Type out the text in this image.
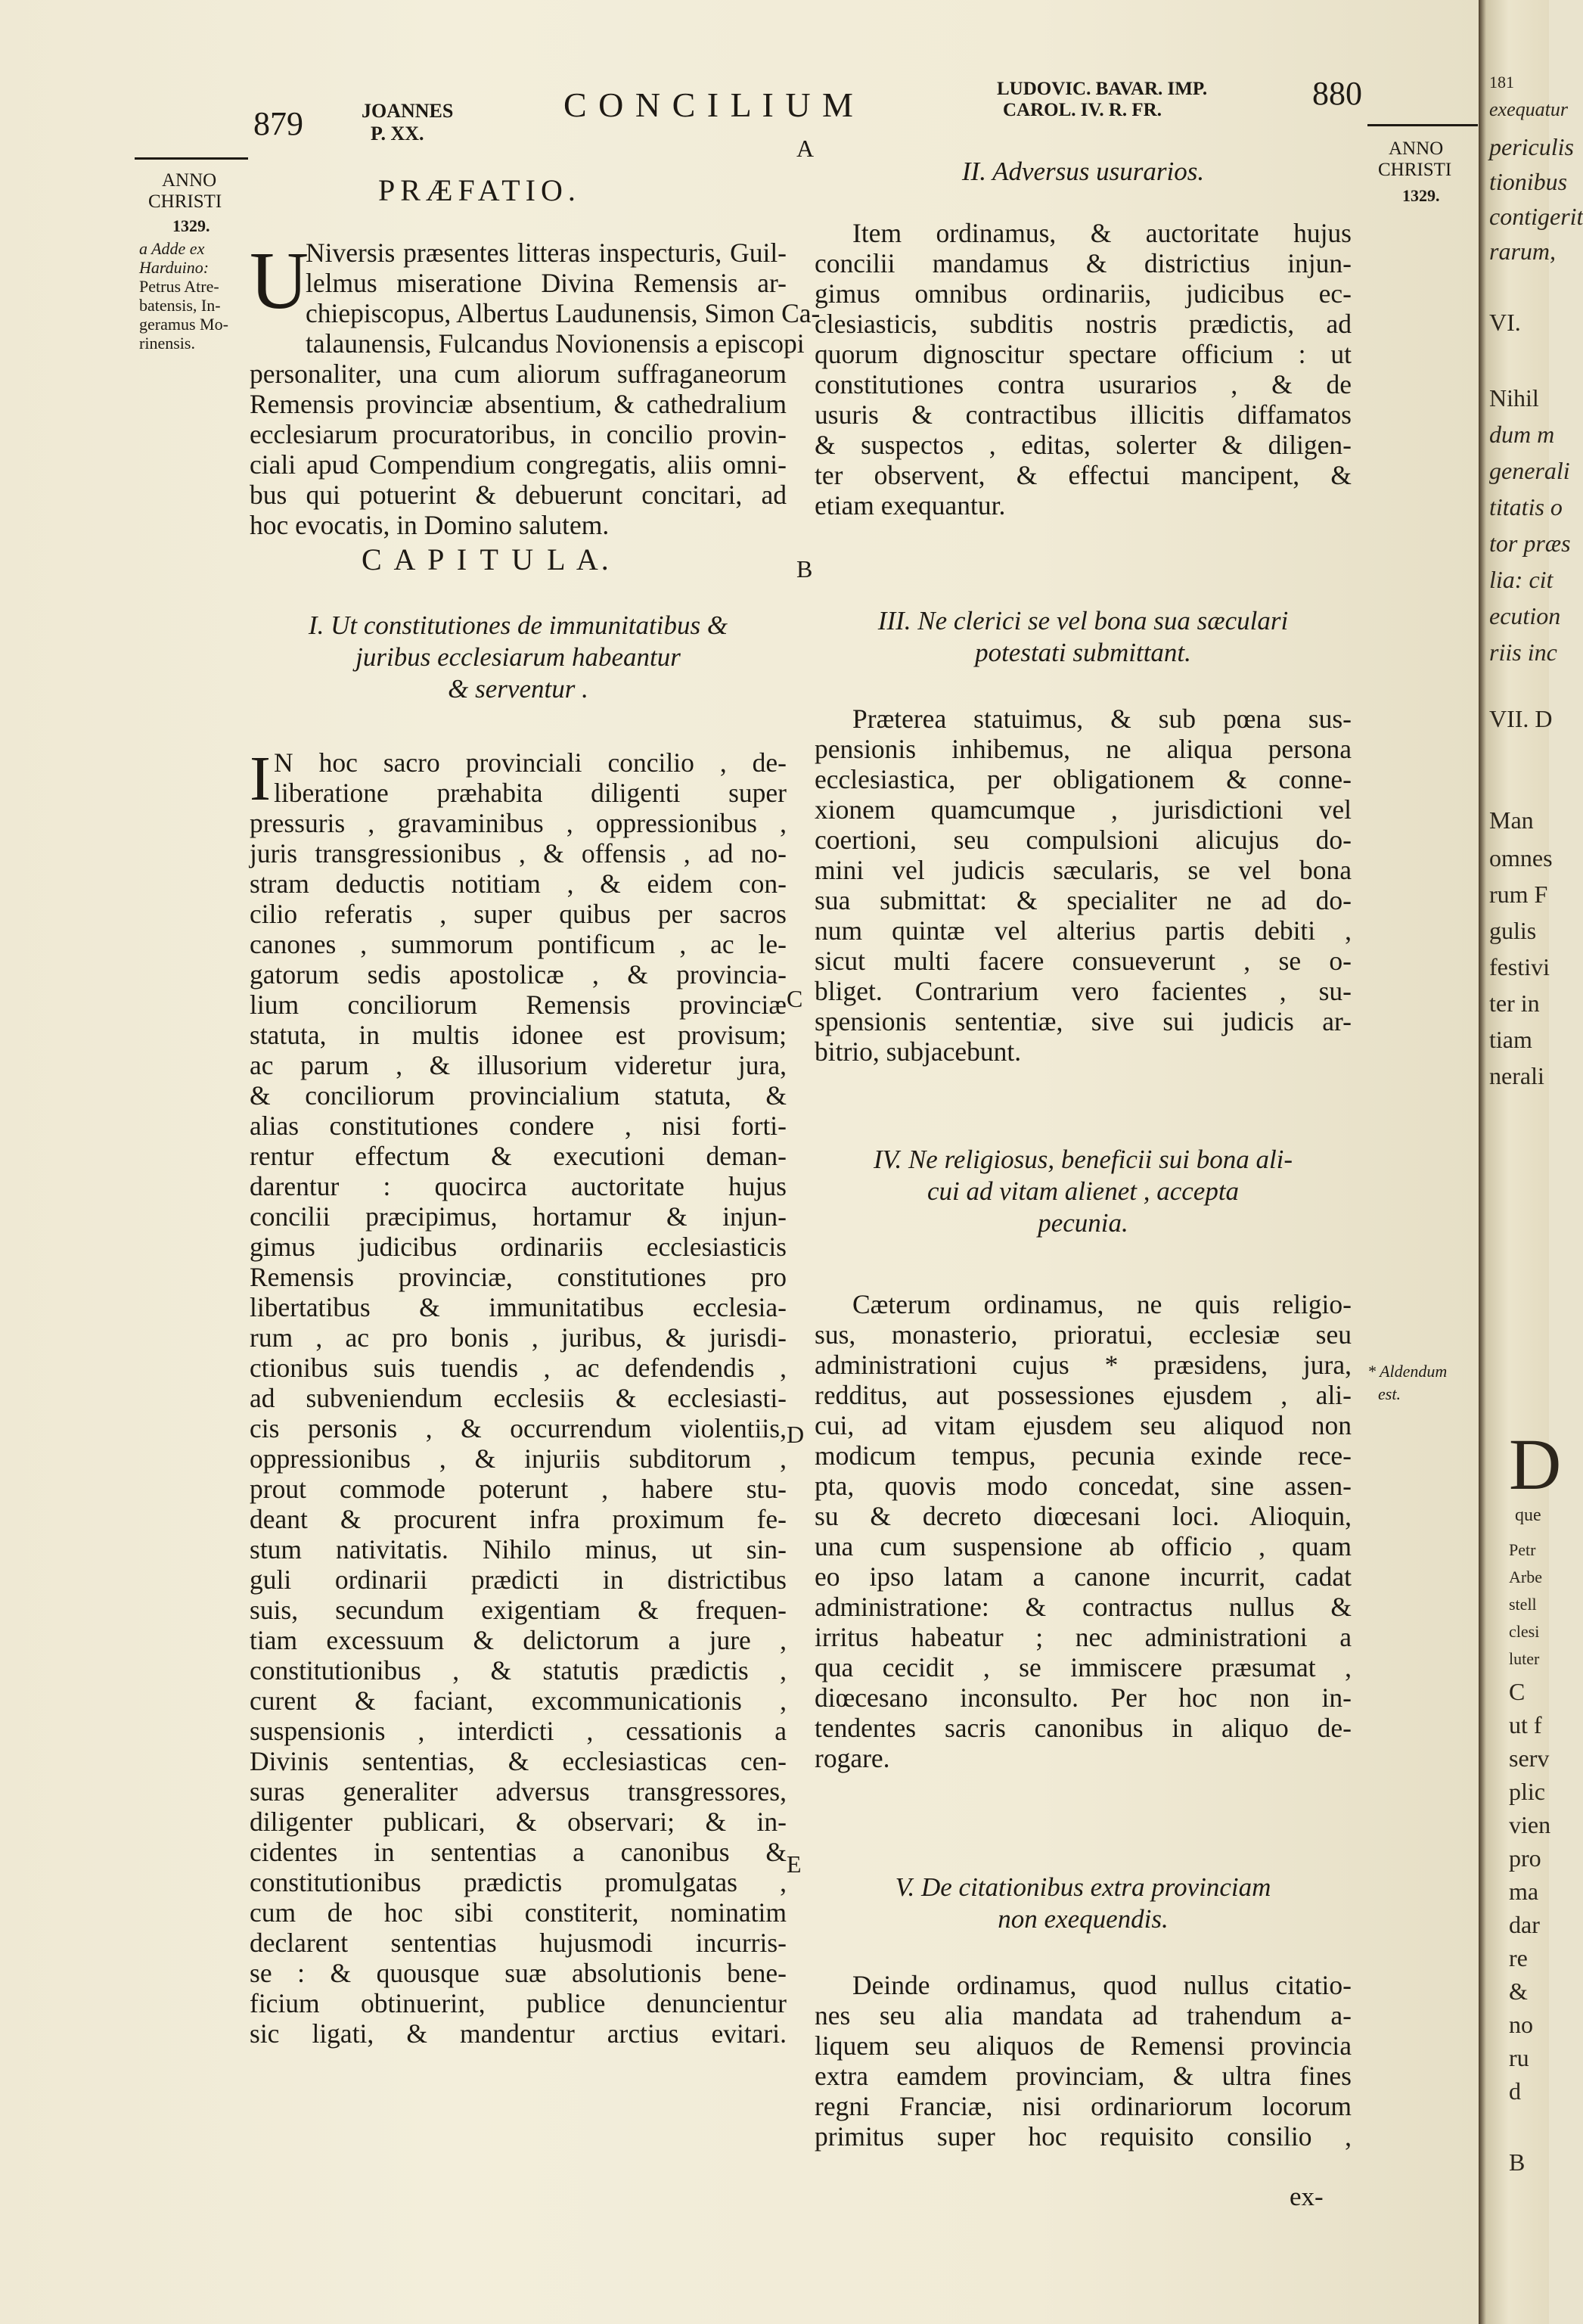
879	JOANNES
P. XX.
C O N C I L I U M	LUDOVIC. BAVAR. IMP.
CAROL. IV. R. FR.	880
A
ANNO
CHRISTI
1329.
a Adde ex
Harduino:
Petrus Atre-
batensis, In-
geramus Mo-
rinensis.
ANNO
CHRISTI
1329.
* Aldendum
est.
B
C
D
E
PRÆFATIO.
U

Niversis præsentes litteras inspecturis, Guil-

lelmus miseratione Divina Remensis ar-

chiepiscopus, Albertus Laudunensis, Simon Ca-

talaunensis, Fulcandus Novionensis a episcopi

personaliter, una cum aliorum suffraganeorum

Remensis provinciæ absentium, & cathedralium

ecclesiarum procuratoribus, in concilio provin-

ciali apud Compendium congregatis, aliis omni-

bus qui potuerint & debuerunt concitari, ad

hoc evocatis, in Domino salutem.

C A P I T U L A.
I. Ut constitutiones de immunitatibus &
juribus ecclesiarum habeantur
& serventur .
I N hoc sacro provinciali concilio , de-

liberatione præhabita diligenti super

pressuris , gravaminibus , oppressionibus ,

juris transgressionibus , & offensis , ad no-

stram deductis notitiam , & eidem con-

cilio referatis , super quibus per sacros

canones , summorum pontificum , ac le-

gatorum sedis apostolicæ , & provincia-

lium conciliorum Remensis provinciæ

statuta, in multis idonee est provisum;

ac parum , & illusorium videretur jura,

& conciliorum provincialium statuta, &

alias constitutiones condere , nisi forti-

rentur effectum & executioni deman-

darentur : quocirca auctoritate hujus

concilii præcipimus, hortamur & injun-

gimus judicibus ordinariis ecclesiasticis

Remensis provinciæ, constitutiones pro

libertatibus & immunitatibus ecclesia-

rum , ac pro bonis , juribus, & jurisdi-

ctionibus suis tuendis , ac defendendis ,

ad subveniendum ecclesiis & ecclesiasti-

cis personis , & occurrendum violentiis,

oppressionibus , & injuriis subditorum ,

prout commode poterunt , habere stu-

deant & procurent infra proximum fe-

stum nativitatis. Nihilo minus, ut sin-

guli ordinarii prædicti in districtibus

suis, secundum exigentiam & frequen-

tiam excessuum & delictorum a jure ,

constitutionibus , & statutis prædictis ,

curent & faciant, excommunicationis ,

suspensionis , interdicti , cessationis a

Divinis sententias, & ecclesiasticas cen-

suras generaliter adversus transgressores,

diligenter publicari, & observari; & in-

cidentes in sententias a canonibus &

constitutionibus prædictis promulgatas ,

cum de hoc sibi constiterit, nominatim

declarent sententias hujusmodi incurris-

se : & quousque suæ absolutionis bene-

ficium obtinuerint, publice denuncientur

sic ligati, & mandentur arctius evitari.

II. Adversus usurarios.

Item ordinamus, & auctoritate hujus

concilii mandamus & districtius injun-

gimus omnibus ordinariis, judicibus ec-

clesiasticis, subditis nostris prædictis, ad

quorum dignoscitur spectare officium : ut

constitutiones contra usurarios , & de

usuris & contractibus illicitis diffamatos

& suspectos , editas, solerter & diligen-

ter observent, & effectui mancipent, &

etiam exequantur.

III. Ne clerici se vel bona sua sæculari
potestati submittant.

Præterea statuimus, & sub pœna sus-

pensionis inhibemus, ne aliqua persona

ecclesiastica, per obligationem & conne-

xionem quamcumque , jurisdictioni vel

coertioni, seu compulsioni alicujus do-

mini vel judicis sæcularis, se vel bona

sua submittat: & specialiter ne ad do-

num quintæ vel alterius partis debiti ,

sicut multi facere consueverunt , se o-

bliget. Contrarium vero facientes , su-

spensionis sententiæ, sive sui judicis ar-

bitrio, subjacebunt.

IV. Ne religiosus, beneficii sui bona ali-
cui ad vitam alienet , accepta
pecunia.

Cæterum ordinamus, ne quis religio-

sus, monasterio, prioratui, ecclesiæ seu

administrationi cujus * præsidens, jura,

redditus, aut possessiones ejusdem , ali-

cui, ad vitam ejusdem seu aliquod non

modicum tempus, pecunia exinde rece-

pta, quovis modo concedat, sine assen-

su & decreto diœcesani loci. Alioquin,

una cum suspensione ab officio , quam

eo ipso latam a canone incurrit, cadat

administratione: & contractus nullus &

irritus habeatur ; nec administrationi a

qua cecidit , se immiscere præsumat ,

diœcesano inconsulto. Per hoc non in-

tendentes sacris canonibus in aliquo de-

rogare.

V. De citationibus extra provinciam
non exequendis.

Deinde ordinamus, quod nullus citatio-

nes seu alia mandata ad trahendum a-

liquem seu aliquos de Remensi provincia

extra eamdem provinciam, & ultra fines

regni Franciæ, nisi ordinariorum locorum

primitus super hoc requisito consilio ,

ex-
181
exequatur
periculis
tionibus
contigerit
rarum,
VI.
Nihil
dum m
generali
titatis o
tor præs
lia: cit
ecution
riis inc
VII. D
Man
omnes
rum F
gulis
festivi
ter in
tiam
nerali
D
que
Petr
Arbe
stell
clesi
luter
C
ut f
serv
plic
vien
pro
ma
dar
re
&
no
ru
d
B
